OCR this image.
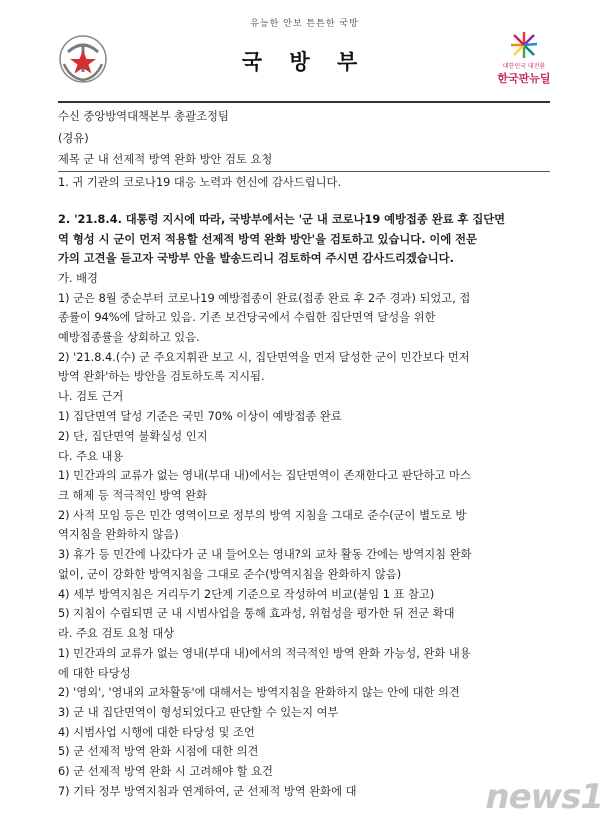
유능한 안보 튼튼한 국방
국 방 부	대한민국 대전환
한국판뉴딜
수신 중앙방역대책본부 총괄조정팀
(경유)
제목 군 내 선제적 방역 완화 방안 검토 요청
1. 귀 기관의 코로나19 대응 노력과 헌신에 감사드립니다.
2. '21.8.4. 대통령 지시에 따라, 국방부에서는 '군 내 코로나19 예방접종 완료 후 집단면
역 형성 시 군이 먼저 적용할 선제적 방역 완화 방안'을 검토하고 있습니다. 이에 전문
가의 고견을 듣고자 국방부 안을 발송드리니 검토하여 주시면 감사드리겠습니다.
가. 배경
1) 군은 8월 중순부터 코로나19 예방접종이 완료(접종 완료 후 2주 경과) 되었고, 접
종률이 94%에 달하고 있음. 기존 보건당국에서 수립한 집단면역 달성을 위한
예방접종률을 상회하고 있음.
2) '21.8.4.(수) 군 주요지휘관 보고 시, 집단면역을 먼저 달성한 군이 민간보다 먼저
방역 완화'하는 방안을 검토하도록 지시됨.
나. 검토 근거
1) 집단면역 달성 기준은 국민 70% 이상이 예방접종 완료
2) 단, 집단면역 불확실성 인지
다. 주요 내용
1) 민간과의 교류가 없는 영내(부대 내)에서는 집단면역이 존재한다고 판단하고 마스
크 해제 등 적극적인 방역 완화
2) 사적 모임 등은 민간 영역이므로 정부의 방역 지침을 그대로 준수(군이 별도로 방
역지침을 완화하지 않음)
3) 휴가 등 민간에 나갔다가 군 내 들어오는 영내?외 교차 활동 간에는 방역지침 완화
없이, 군이 강화한 방역지침을 그대로 준수(방역지침을 완화하지 않음)
4) 세부 방역지침은 거리두기 2단계 기준으로 작성하여 비교(붙임 1 표 참고)
5) 지침이 수립되면 군 내 시범사업을 통해 효과성, 위험성을 평가한 뒤 전군 확대
라. 주요 검토 요청 대상
1) 민간과의 교류가 없는 영내(부대 내)에서의 적극적인 방역 완화 가능성, 완화 내용
에 대한 타당성
2) '영외', '영내외 교차활동'에 대해서는 방역지침을 완화하지 않는 안에 대한 의견
3) 군 내 집단면역이 형성되었다고 판단할 수 있는지 여부
4) 시범사업 시행에 대한 타당성 및 조언
5) 군 선제적 방역 완화 시점에 대한 의견
6) 군 선제적 방역 완화 시 고려해야 할 요건
7) 기타 정부 방역지침과 연계하여, 군 선제적 방역 완화에 대	news1
